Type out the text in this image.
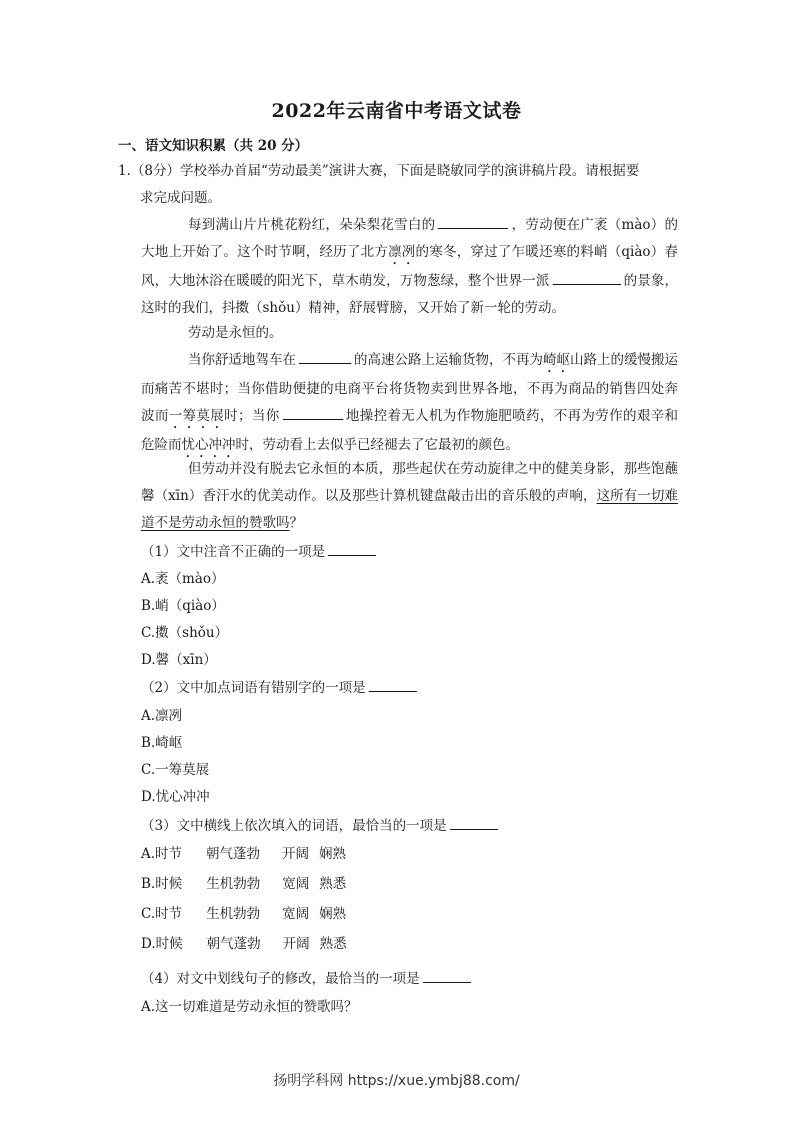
2022年云南省中考语文试卷
一、语文知识积累（共 20 分）
1.（8分）学校举办首届“劳动最美”演讲大赛，下面是晓敏同学的演讲稿片段。请根据要
求完成问题。
每到满山片片桃花粉红，朵朵梨花雪白的	，劳动便在广袤（mào）的大地上开始了。这个时节啊，经历了北方凛冽的寒冬，穿过了乍暖还寒的料峭（qiào）春风，大地沐浴在暖暖的阳光下，草木萌发，万物葱绿，整个世界一派	的景象，这时的我们，抖擞（shǒu）精神，舒展臂膀，又开始了新一轮的劳动。
劳动是永恒的。
当你舒适地驾车在	的高速公路上运输货物，不再为崎岖山路上的缓慢搬运而痛苦不堪时；当你借助便捷的电商平台将货物卖到世界各地，不再为商品的销售四处奔波而一筹莫展时；当你	地操控着无人机为作物施肥喷药，不再为劳作的艰辛和危险而忧心冲冲时，劳动看上去似乎已经褪去了它最初的颜色。
但劳动并没有脱去它永恒的本质，那些起伏在劳动旋律之中的健美身影，那些饱蘸馨（xīn）香汗水的优美动作。以及那些计算机键盘敲击出的音乐般的声响，这所有一切难道不是劳动永恒的赞歌吗？
（1）文中注音不正确的一项是
A.袤（mào）
B.峭（qiào）
C.擞（shǒu）
D.馨（xīn）
（2）文中加点词语有错别字的一项是
A.凛冽
B.崎岖
C.一筹莫展
D.忧心冲冲
（3）文中横线上依次填入的词语，最恰当的一项是
A.时节 朝气蓬勃 开阔 娴熟
B.时候 生机勃勃 宽阔 熟悉
C.时节 生机勃勃 宽阔 娴熟
D.时候 朝气蓬勃 开阔 熟悉
（4）对文中划线句子的修改，最恰当的一项是
A.这一切难道是劳动永恒的赞歌吗？
扬明学科网 https://xue.ymbj88.com/
